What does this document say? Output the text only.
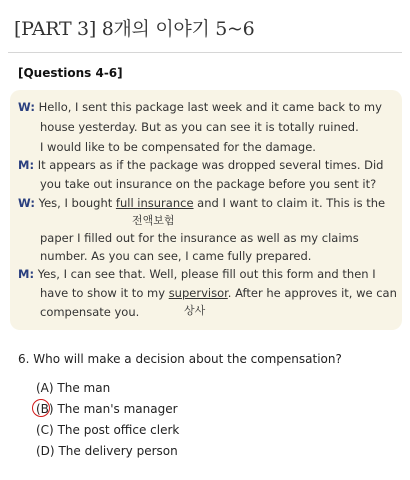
[PART 3] 8개의 이야기 5~6
[Questions 4-6]
W: Hello, I sent this package last week and it came back to my
house yesterday. But as you can see it is totally ruined.
I would like to be compensated for the damage.
M: It appears as if the package was dropped several times. Did
you take out insurance on the package before you sent it?
W: Yes, I bought full insurance and I want to claim it. This is the
전액보험
paper I filled out for the insurance as well as my claims
number. As you can see, I came fully prepared.
M: Yes, I can see that. Well, please fill out this form and then I
have to show it to my supervisor. After he approves it, we can
compensate you.	상사
6. Who will make a decision about the compensation?
(A) The man
(B) The man's manager
(C) The post office clerk
(D) The delivery person
